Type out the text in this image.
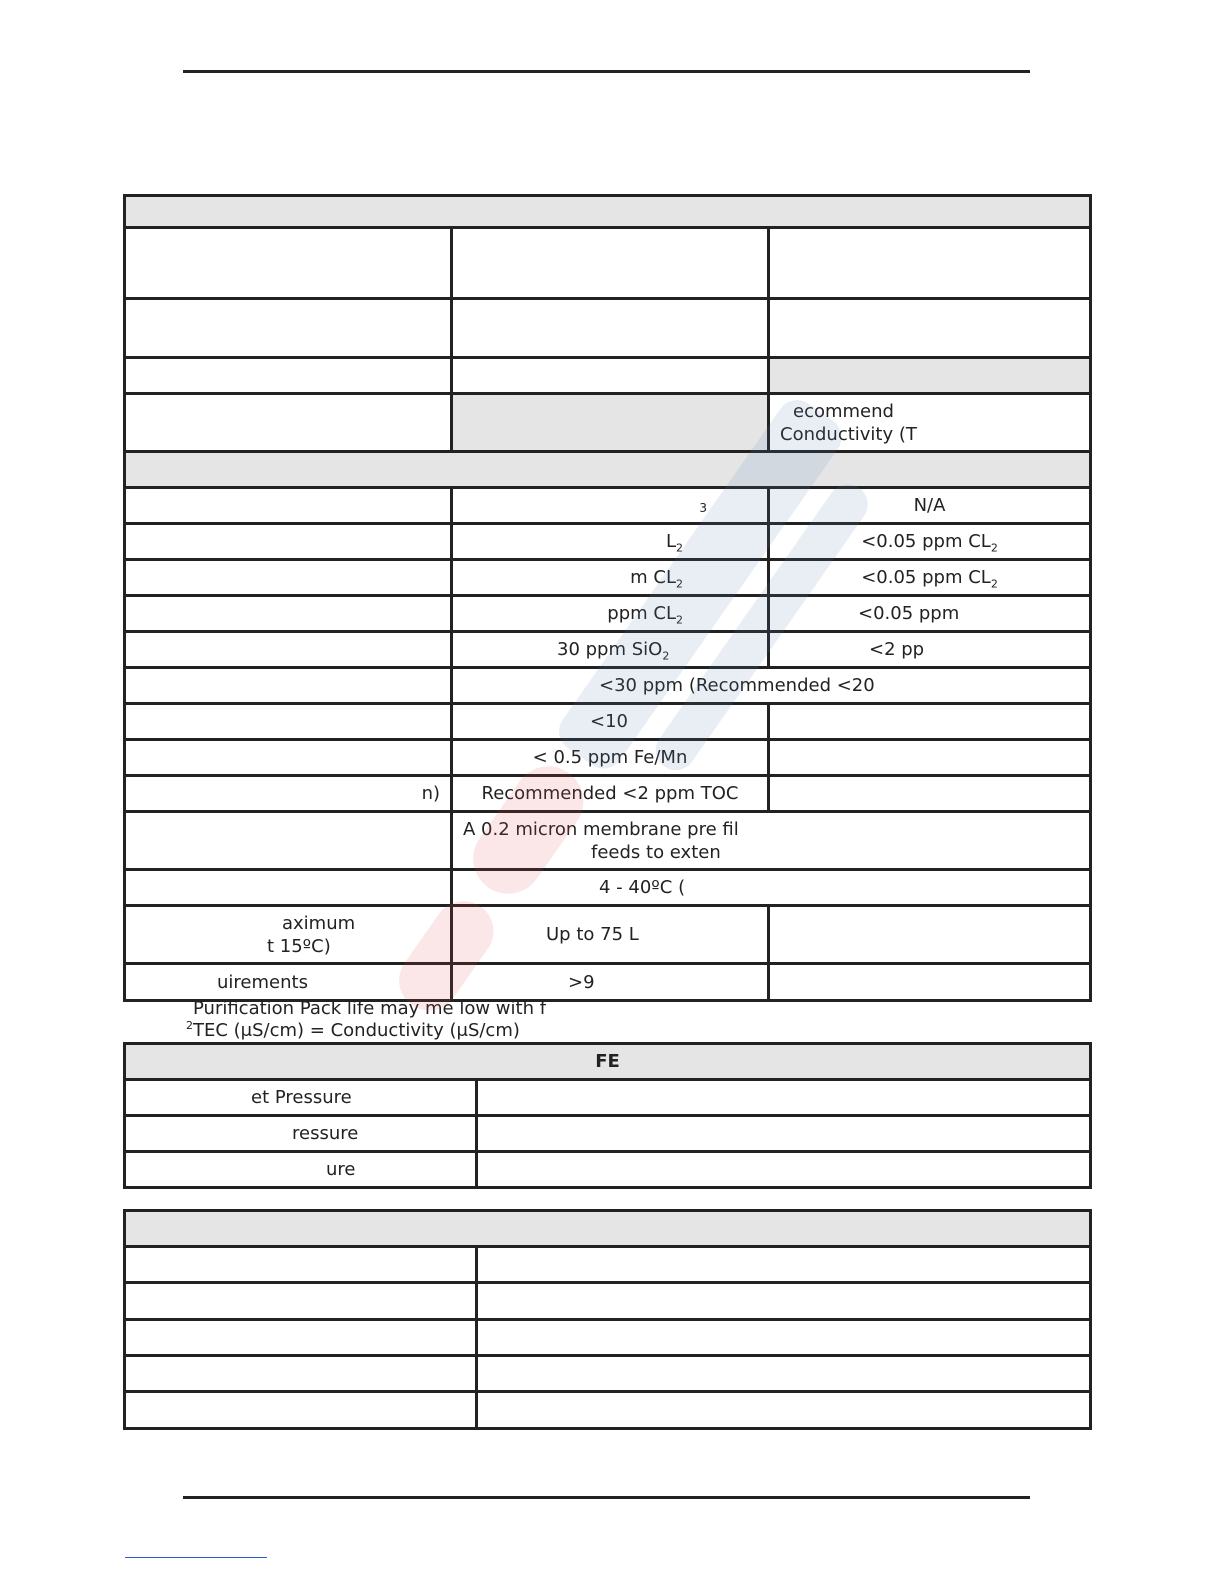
		ecommend
Conductivity (T

	3	N/A
	$L_2$	<0.05 ppm $CL_2$
	m $CL_2$	<0.05 ppm $CL_2$
	ppm $CL_2$	<0.05 ppm
	30 ppm SiO$_2$	<2 pp
	<30 ppm (Recommended <20	
	<10	
	< 0.5 ppm Fe/Mn	
n)	Recommended <2 ppm TOC	

	A 0.2 micron membrane pre fil
feeds to exten	

	4 - 40ºC (	

aximum
t 15ºC)	Up to 75 L	
uirements	>9	
Purification Pack life may me low with f
$^2$TEC (μS/cm) = Conductivity (μS/cm)
FE	
et Pressure	
ressure	
ure	
